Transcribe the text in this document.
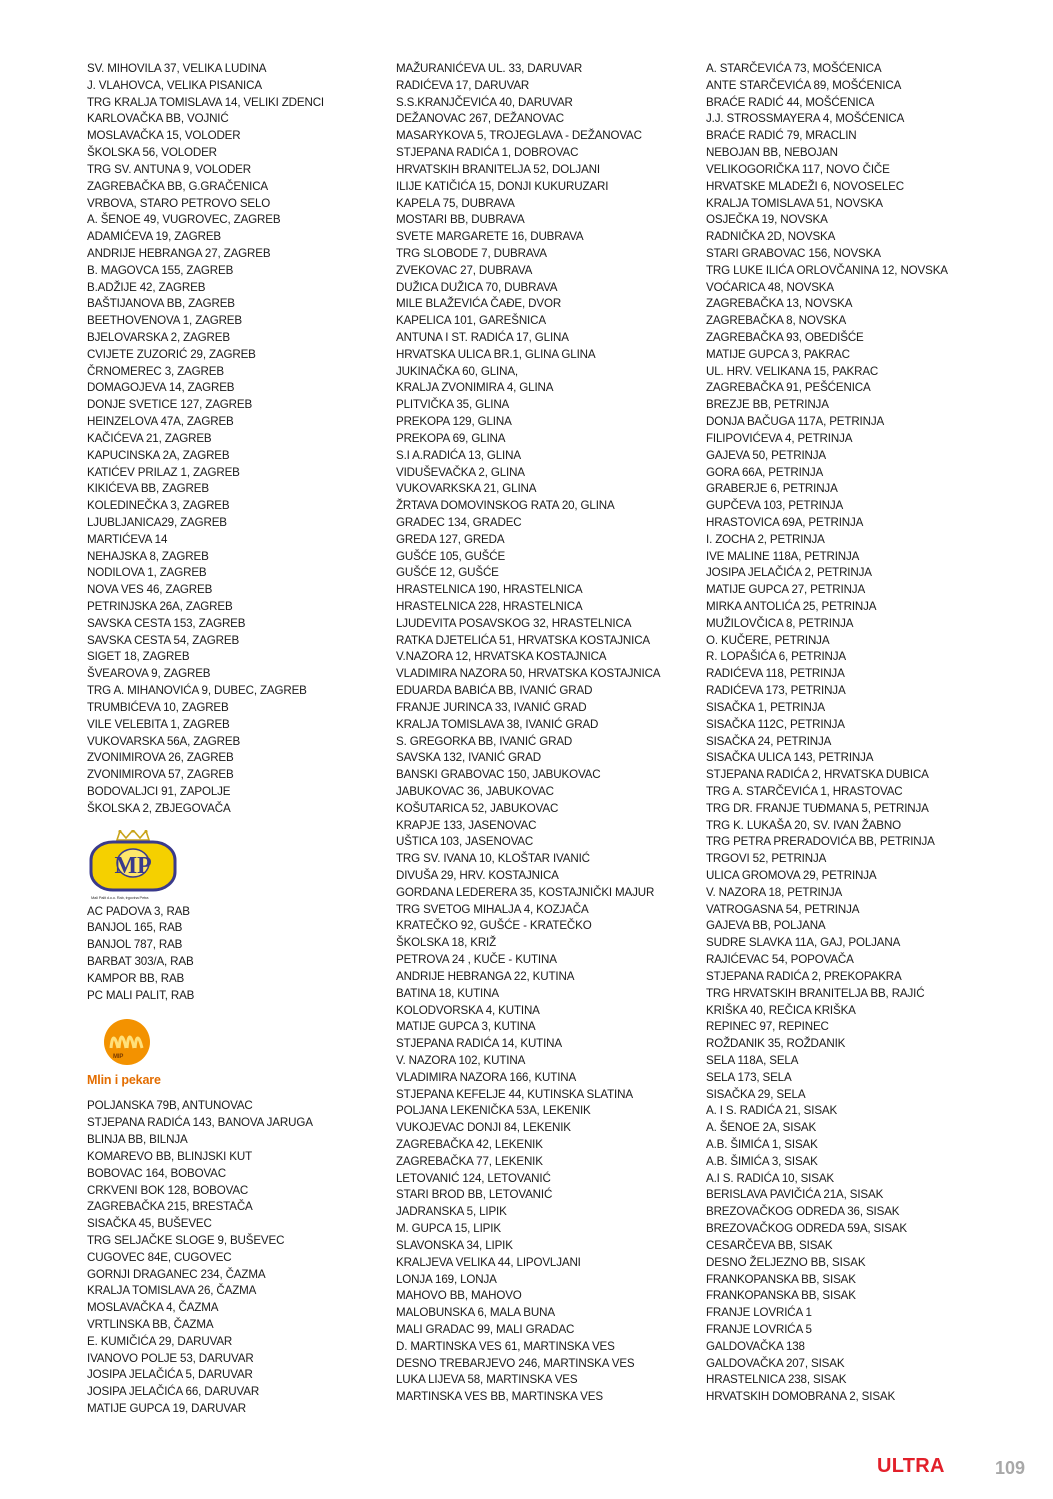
SV. MIHOVILA 37, VELIKA LUDINA
J. VLAHOVCA, VELIKA PISANICA
TRG KRALJA TOMISLAVA 14, VELIKI ZDENCI
KARLOVAČKA BB, VOJNIĆ
MOSLAVAČKA 15, VOLODER
ŠKOLSKA 56, VOLODER
TRG SV. ANTUNA 9, VOLODER
ZAGREBAČKA BB, G.GRAČENICA
VRBOVA, STARO PETROVO SELO
A. ŠENOE 49, VUGROVEC, ZAGREB
ADAMIĆEVA 19, ZAGREB
ANDRIJE HEBRANGA 27, ZAGREB
B. MAGOVCA 155, ZAGREB
B.ADŽIJE 42, ZAGREB
BAŠTIJANOVA BB, ZAGREB
BEETHOVENOVA 1, ZAGREB
BJELOVARSKA 2, ZAGREB
CVIJETE ZUZORIĆ 29, ZAGREB
ČRNOMEREC 3, ZAGREB
DOMAGOJEVA 14, ZAGREB
DONJE SVETICE 127, ZAGREB
HEINZELOVA 47A, ZAGREB
KAČIĆEVA 21, ZAGREB
KAPUCINSKA 2A, ZAGREB
KATIĆEV PRILAZ 1, ZAGREB
KIKIĆEVA BB, ZAGREB
KOLEDINEČKA 3, ZAGREB
LJUBLJANICA29, ZAGREB
MARTIĆEVA 14
NEHAJSKA 8, ZAGREB
NODILOVA 1, ZAGREB
NOVA VES 46, ZAGREB
PETRINJSKA 26A, ZAGREB
SAVSKA CESTA 153, ZAGREB
SAVSKA CESTA 54, ZAGREB
SIGET 18, ZAGREB
ŠVEAROVA 9, ZAGREB
TRG A. MIHANOVIĆA 9, DUBEC, ZAGREB
TRUMBIĆEVA 10, ZAGREB
VILE VELEBITA 1, ZAGREB
VUKOVARSKA 56A, ZAGREB
ZVONIMIROVA 26, ZAGREB
ZVONIMIROVA 57, ZAGREB
BODOVALJCI 91, ZAPOLJE
ŠKOLSKA 2, ZBJEGOVAČA
MP
Mali Palit d.o.o. Rab, trgovina Petra
AC PADOVA 3, RAB
BANJOL 165, RAB
BANJOL 787, RAB
BARBAT 303/A, RAB
KAMPOR BB, RAB
PC MALI PALIT, RAB
MIP
Mlin i pekare
POLJANSKA 79B, ANTUNOVAC
STJEPANA RADIĆA 143, BANOVA JARUGA
BLINJA BB, BILNJA
KOMAREVO BB, BLINJSKI KUT
BOBOVAC 164, BOBOVAC
CRKVENI BOK 128, BOBOVAC
ZAGREBAČKA 215, BRESTAČA
SISAČKA 45, BUŠEVEC
TRG SELJAČKE SLOGE 9, BUŠEVEC
CUGOVEC 84E, CUGOVEC
GORNJI DRAGANEC 234, ČAZMA
KRALJA TOMISLAVA 26, ČAZMA
MOSLAVAČKA 4, ČAZMA
VRTLINSKA BB, ČAZMA
E. KUMIČIĆA 29, DARUVAR
IVANOVO POLJE 53, DARUVAR
JOSIPA JELAČIĆA 5, DARUVAR
JOSIPA JELAČIĆA 66, DARUVAR
MATIJE GUPCA 19, DARUVAR
MAŽURANIĆEVA UL. 33, DARUVAR
RADIĆEVA 17, DARUVAR
S.S.KRANJČEVIĆA 40, DARUVAR
DEŽANOVAC 267, DEŽANOVAC
MASARYKOVA 5, TROJEGLAVA - DEŽANOVAC
STJEPANA RADIĆA 1, DOBROVAC
HRVATSKIH BRANITELJA 52, DOLJANI
ILIJE KATIČIĆA 15, DONJI KUKURUZARI
KAPELA 75, DUBRAVA
MOSTARI BB, DUBRAVA
SVETE MARGARETE 16, DUBRAVA
TRG SLOBODE 7, DUBRAVA
ZVEKOVAC 27, DUBRAVA
DUŽICA DUŽICA 70, DUBRAVA
MILE BLAŽEVIĆA ČAĐE, DVOR
KAPELICA 101, GAREŠNICA
ANTUNA I ST. RADIĆA 17, GLINA
HRVATSKA ULICA BR.1, GLINA GLINA
JUKINAČKA 60, GLINA,
KRALJA ZVONIMIRA 4, GLINA
PLITVIČKA 35, GLINA
PREKOPA 129, GLINA
PREKOPA 69, GLINA
S.I A.RADIĆA 13, GLINA
VIDUŠEVAČKA 2, GLINA
VUKOVARKSKA 21, GLINA
ŽRTAVA DOMOVINSKOG RATA 20, GLINA
GRADEC 134, GRADEC
GREDA 127, GREDA
GUŠĆE 105, GUŠĆE
GUŠĆE 12, GUŠĆE
HRASTELNICA 190, HRASTELNICA
HRASTELNICA 228, HRASTELNICA
LJUDEVITA POSAVSKOG 32, HRASTELNICA
RATKA DJETELIĆA 51, HRVATSKA KOSTAJNICA
V.NAZORA 12, HRVATSKA KOSTAJNICA
VLADIMIRA NAZORA 50, HRVATSKA KOSTAJNICA
EDUARDA BABIĆA BB, IVANIĆ GRAD
FRANJE JURINCA 33, IVANIĆ GRAD
KRALJA TOMISLAVA 38, IVANIĆ GRAD
S. GREGORKA BB, IVANIĆ GRAD
SAVSKA 132, IVANIĆ GRAD
BANSKI GRABOVAC 150, JABUKOVAC
JABUKOVAC 36, JABUKOVAC
KOŠUTARICA 52, JABUKOVAC
KRAPJE 133, JASENOVAC
UŠTICA 103, JASENOVAC
TRG SV. IVANA 10, KLOŠTAR IVANIĆ
DIVUŠA 29, HRV. KOSTAJNICA
GORDANA LEDERERA 35, KOSTAJNIČKI MAJUR
TRG SVETOG MIHALJA 4, KOZJAČA
KRATEČKO 92, GUŠĆE - KRATEČKO
ŠKOLSKA 18, KRIŽ
PETROVA 24 , KUČE - KUTINA
ANDRIJE HEBRANGA 22, KUTINA
BATINA 18, KUTINA
KOLODVORSKA 4, KUTINA
MATIJE GUPCA 3, KUTINA
STJEPANA RADIĆA 14, KUTINA
V. NAZORA 102, KUTINA
VLADIMIRA NAZORA 166, KUTINA
STJEPANA KEFELJE 44, KUTINSKA SLATINA
POLJANA LEKENIČKA 53A, LEKENIK
VUKOJEVAC DONJI 84, LEKENIK
ZAGREBAČKA 42, LEKENIK
ZAGREBAČKA 77, LEKENIK
LETOVANIĆ 124, LETOVANIĆ
STARI BROD BB, LETOVANIĆ
JADRANSKA 5, LIPIK
M. GUPCA 15, LIPIK
SLAVONSKA 34, LIPIK
KRALJEVA VELIKA 44, LIPOVLJANI
LONJA 169, LONJA
MAHOVO BB, MAHOVO
MALOBUNSKA 6, MALA BUNA
MALI GRADAC 99, MALI GRADAC
D. MARTINSKA VES 61, MARTINSKA VES
DESNO TREBARJEVO 246, MARTINSKA VES
LUKA LIJEVA 58, MARTINSKA VES
MARTINSKA VES BB, MARTINSKA VES
A. STARČEVIĆA 73, MOŠĆENICA
ANTE STARČEVIĆA 89, MOŠĆENICA
BRAĆE RADIĆ 44, MOŠĆENICA
J.J. STROSSMAYERA 4, MOŠĆENICA
BRAĆE RADIĆ 79, MRACLIN
NEBOJAN BB, NEBOJAN
VELIKOGORIČKA 117, NOVO ČIČE
HRVATSKE MLADEŽI 6, NOVOSELEC
KRALJA TOMISLAVA 51, NOVSKA
OSJEČKA 19, NOVSKA
RADNIČKA 2D, NOVSKA
STARI GRABOVAC 156, NOVSKA
TRG LUKE ILIĆA ORLOVČANINA 12, NOVSKA
VOĆARICA 48, NOVSKA
ZAGREBAČKA 13, NOVSKA
ZAGREBAČKA 8, NOVSKA
ZAGREBAČKA 93, OBEDIŠĆE
MATIJE GUPCA 3, PAKRAC
UL. HRV. VELIKANA 15, PAKRAC
ZAGREBAČKA 91, PEŠĆENICA
BREZJE BB, PETRINJA
DONJA BAČUGA 117A, PETRINJA
FILIPOVIĆEVA 4, PETRINJA
GAJEVA 50, PETRINJA
GORA 66A, PETRINJA
GRABERJE 6, PETRINJA
GUPČEVA 103, PETRINJA
HRASTOVICA 69A, PETRINJA
I. ZOCHA 2, PETRINJA
IVE MALINE 118A, PETRINJA
JOSIPA JELAČIĆA 2, PETRINJA
MATIJE GUPCA 27, PETRINJA
MIRKA ANTOLIĆA 25, PETRINJA
MUŽILOVČICA 8, PETRINJA
O. KUČERE, PETRINJA
R. LOPAŠIĆA 6, PETRINJA
RADIĆEVA 118, PETRINJA
RADIĆEVA 173, PETRINJA
SISAČKA 1, PETRINJA
SISAČKA 112C, PETRINJA
SISAČKA 24, PETRINJA
SISAČKA ULICA 143, PETRINJA
STJEPANA RADIĆA 2, HRVATSKA DUBICA
TRG A. STARČEVIĆA 1, HRASTOVAC
TRG DR. FRANJE TUĐMANA 5, PETRINJA
TRG K. LUKAŠA 20, SV. IVAN ŽABNO
TRG PETRA PRERADOVIĆA BB, PETRINJA
TRGOVI 52, PETRINJA
ULICA GROMOVA 29, PETRINJA
V. NAZORA 18, PETRINJA
VATROGASNA 54, PETRINJA
GAJEVA BB, POLJANA
SUDRE SLAVKA 11A, GAJ, POLJANA
RAJIĆEVAC 54, POPOVAČA
STJEPANA RADIĆA 2, PREKOPAKRA
TRG HRVATSKIH BRANITELJA BB, RAJIĆ
KRIŠKA 40, REČICA KRIŠKA
REPINEC 97, REPINEC
ROŽDANIK 35, ROŽDANIK
SELA 118A, SELA
SELA 173, SELA
SISAČKA 29, SELA
A. I S. RADIĆA 21, SISAK
A. ŠENOE 2A, SISAK
A.B. ŠIMIĆA 1, SISAK
A.B. ŠIMIĆA 3, SISAK
A.I S. RADIĆA 10, SISAK
BERISLAVA PAVIČIĆA 21A, SISAK
BREZOVAČKOG ODREDA 36, SISAK
BREZOVAČKOG ODREDA 59A, SISAK
CESARČEVA BB, SISAK
DESNO ŽELJEZNO BB, SISAK
FRANKOPANSKA BB, SISAK
FRANKOPANSKA BB, SISAK
FRANJE LOVRIĆA 1
FRANJE LOVRIĆA 5
GALDOVAČKA 138
GALDOVAČKA 207, SISAK
HRASTELNICA 238, SISAK
HRVATSKIH DOMOBRANA 2, SISAK
ULTRA	109
